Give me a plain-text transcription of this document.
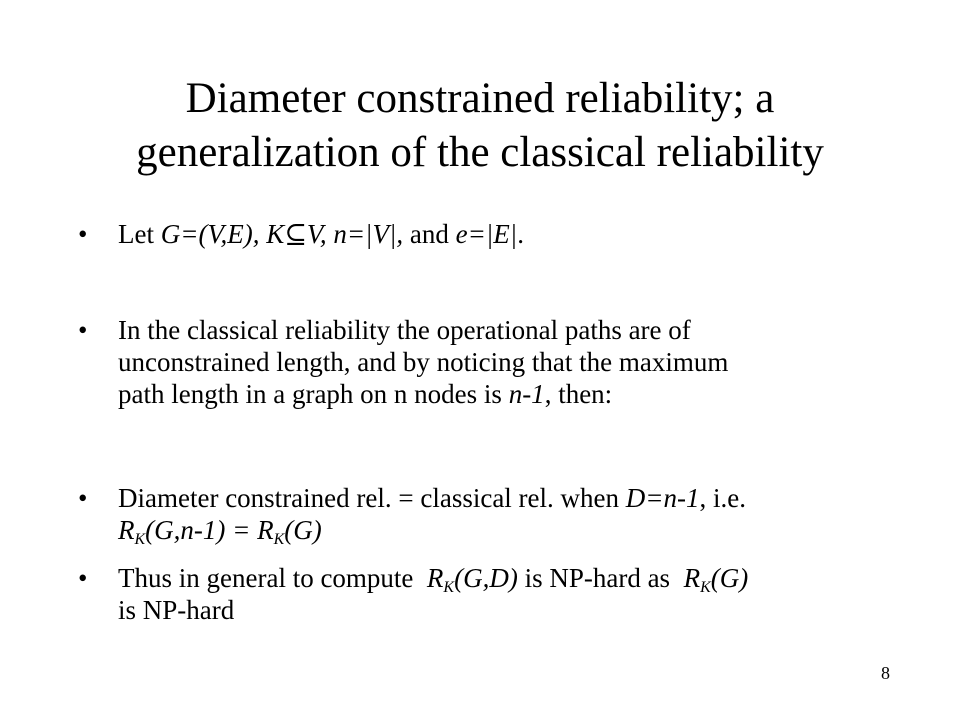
Diameter constrained reliability; a
generalization of the classical reliability
•	Let G=(V,E), K⊆V, n=|V|, and e=|E|.
•	In the classical reliability the operational paths are of
unconstrained length, and by noticing that the maximum
path length in a graph on n nodes is n-1, then:
•	Diameter constrained rel. = classical rel. when D=n-1, i.e.
$R_K(G,n-1) = R_K(G)$
•	Thus in general to compute  $R_K(G,D)$ is NP-hard as  $R_K(G)$
is NP-hard
8
